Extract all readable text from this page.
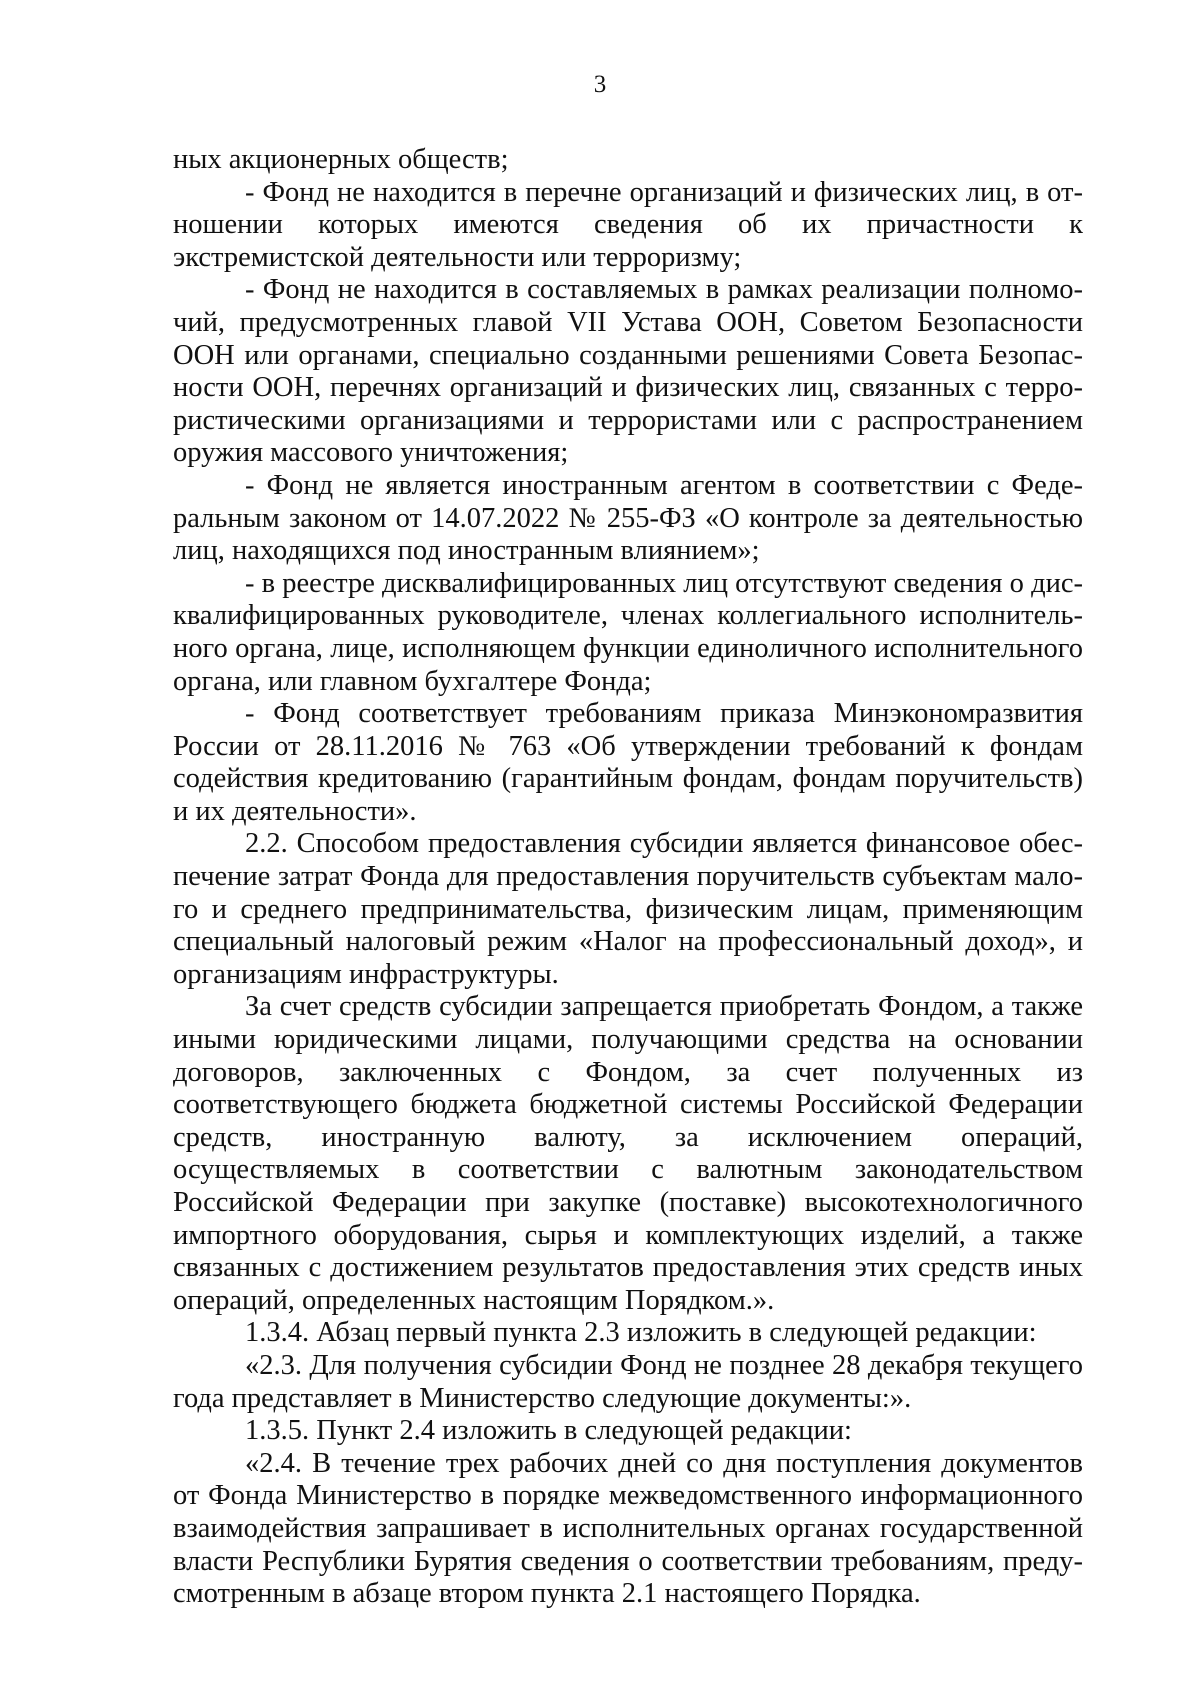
3

ных акционерных обществ;

- Фонд не находится в перечне организаций и физических лиц, в отношении которых имеются сведения об их причастности к экстремистской деятельности или терроризму;

- Фонд не находится в составляемых в рамках реализации полномочий, предусмотренных главой VII Устава ООН, Советом Безопасности ООН или органами, специально созданными решениями Совета Безопасности ООН, перечнях организаций и физических лиц, связанных с террористическими организациями и террористами или с распространением оружия массового уничтожения;

- Фонд не является иностранным агентом в соответствии с Федеральным законом от 14.07.2022 № 255-ФЗ «О контроле за деятельностью лиц, находящихся под иностранным влиянием»;

- в реестре дисквалифицированных лиц отсутствуют сведения о дисквалифицированных руководителе, членах коллегиального исполнительного органа, лице, исполняющем функции единоличного исполнительного органа, или главном бухгалтере Фонда;

- Фонд соответствует требованиям приказа Минэкономразвития России от 28.11.2016 № 763 «Об утверждении требований к фондам содействия кредитованию (гарантийным фондам, фондам поручительств) и их деятельности».

2.2. Способом предоставления субсидии является финансовое обеспечение затрат Фонда для предоставления поручительств субъектам малого и среднего предпринимательства, физическим лицам, применяющим специальный налоговый режим «Налог на профессиональный доход», и организациям инфраструктуры.

За счет средств субсидии запрещается приобретать Фондом, а также иными юридическими лицами, получающими средства на основании договоров, заключенных с Фондом, за счет полученных из соответствующего бюджета бюджетной системы Российской Федерации средств, иностранную валюту, за исключением операций, осуществляемых в соответствии с валютным законодательством Российской Федерации при закупке (поставке) высокотехнологичного импортного оборудования, сырья и комплектующих изделий, а также связанных с достижением результатов предоставления этих средств иных операций, определенных настоящим Порядком.».

1.3.4. Абзац первый пункта 2.3 изложить в следующей редакции:

«2.3. Для получения субсидии Фонд не позднее 28 декабря текущего года представляет в Министерство следующие документы:».

1.3.5. Пункт 2.4 изложить в следующей редакции:

«2.4. В течение трех рабочих дней со дня поступления документов от Фонда Министерство в порядке межведомственного информационного взаимодействия запрашивает в исполнительных органах государственной власти Республики Бурятия сведения о соответствии требованиям, предусмотренным в абзаце втором пункта 2.1 настоящего Порядка.
